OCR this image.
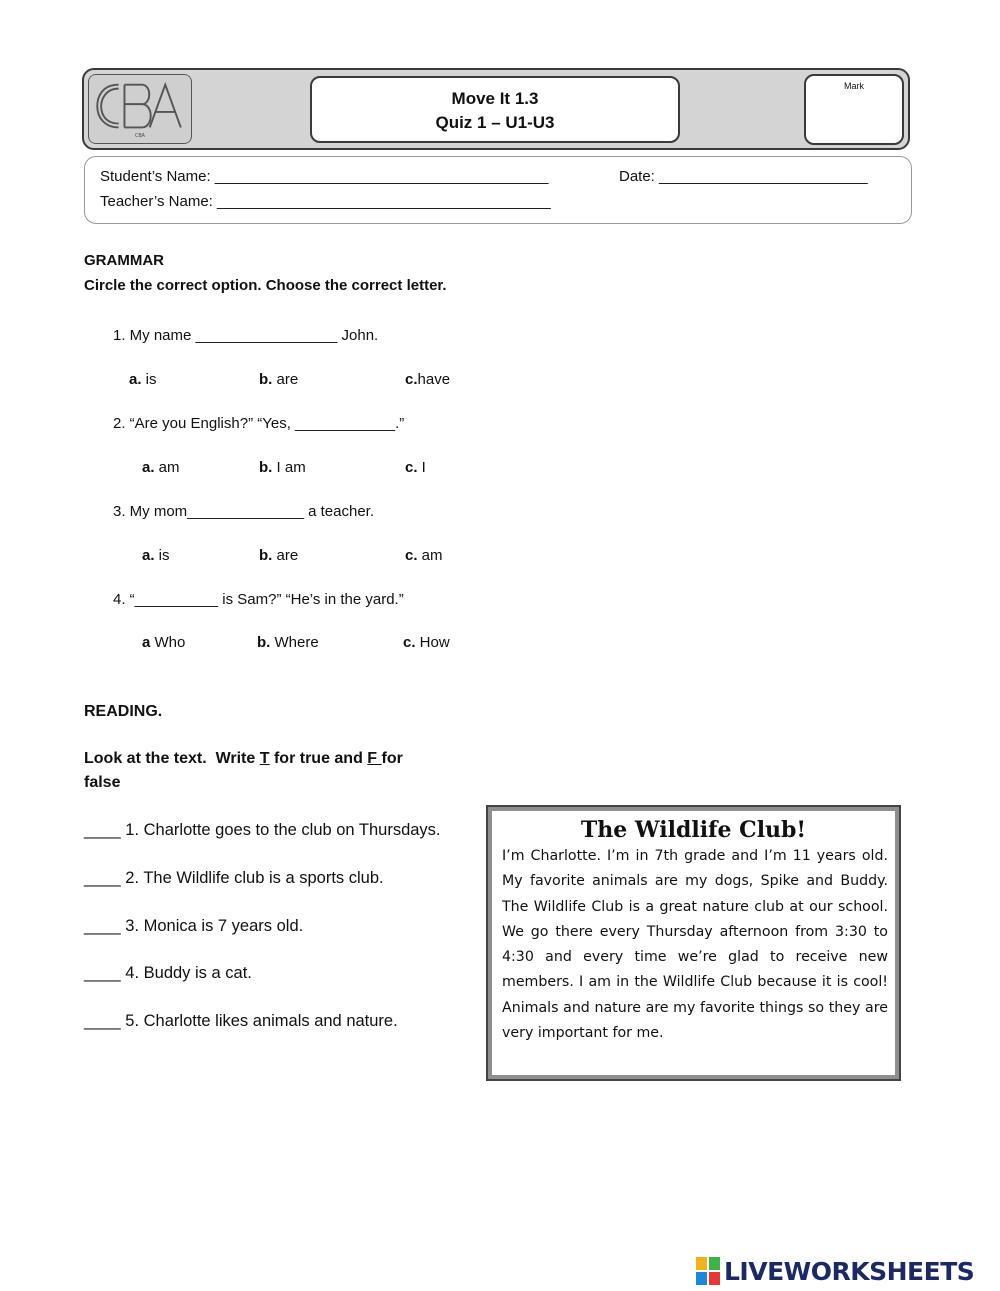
CBA
Move It 1.3
Quiz 1 – U1-U3
Mark
Student’s Name: ________________________________________	Date: _________________________
Teacher’s Name: ________________________________________
GRAMMAR
Circle the correct option. Choose the correct letter.
1. My name _________________ John.
a. is	b. are	c.have
2. “Are you English?” “Yes, ____________.”
a. am	b. I am	c. I
3. My mom______________ a teacher.
a. is	b. are	c. am
4. “__________ is Sam?” “He’s in the yard.”
a Who	b. Where	c. How
READING.
Look at the text.  Write T for true and F for
false
____ 1. Charlotte goes to the club on Thursdays.
____ 2. The Wildlife club is a sports club.
____ 3. Monica is 7 years old.
____ 4. Buddy is a cat.
____ 5. Charlotte likes animals and nature.
The Wildlife Club!
I’m Charlotte. I’m in 7th grade and I’m 11 years old. My favorite animals are my dogs, Spike and Buddy. The Wildlife Club is a great nature club at our school. We go there every Thursday afternoon from 3:30 to 4:30 and every time we’re glad to receive new members. I am in the Wildlife Club because it is cool! Animals and nature are my favorite things so they are very important for me.
LIVEWORKSHEETS
